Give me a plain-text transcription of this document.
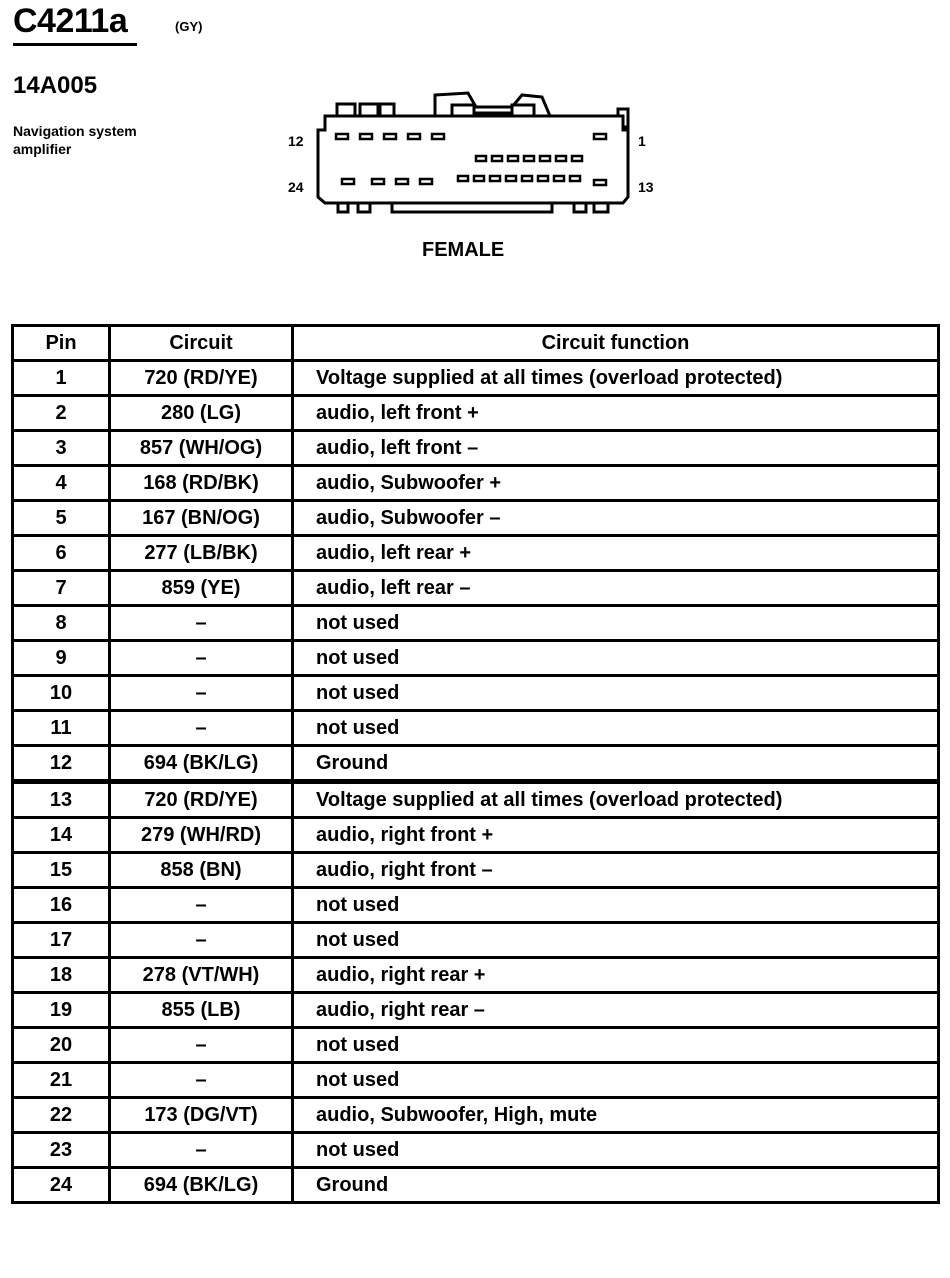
C4211a	(GY)
14A005
Navigation system
amplifier	12	1
24	13
FEMALE
Pin	Circuit	Circuit function
1	720 (RD/YE)	Voltage supplied at all times (overload protected)
2	280 (LG)	audio, left front +
3	857 (WH/OG)	audio, left front –
4	168 (RD/BK)	audio, Subwoofer +
5	167 (BN/OG)	audio, Subwoofer –
6	277 (LB/BK)	audio, left rear +
7	859 (YE)	audio, left rear –
8	–	not used
9	–	not used
10	–	not used
11	–	not used
12	694 (BK/LG)	Ground
13	720 (RD/YE)	Voltage supplied at all times (overload protected)
14	279 (WH/RD)	audio, right front +
15	858 (BN)	audio, right front –
16	–	not used
17	–	not used
18	278 (VT/WH)	audio, right rear +
19	855 (LB)	audio, right rear –
20	–	not used
21	–	not used
22	173 (DG/VT)	audio, Subwoofer, High, mute
23	–	not used
24	694 (BK/LG)	Ground
